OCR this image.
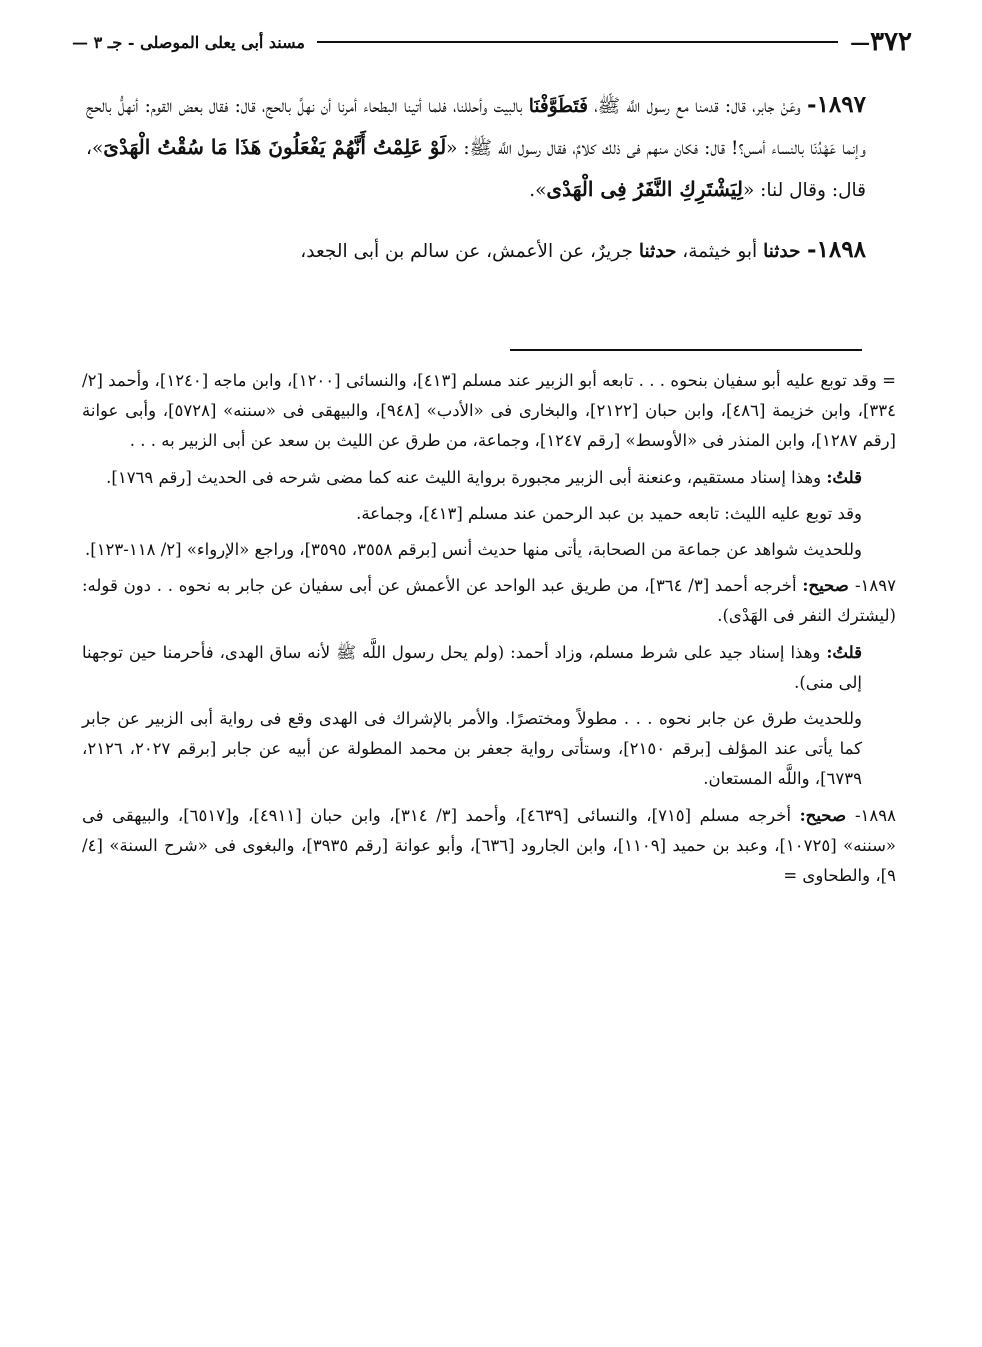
٣٧٢
—
مسند أبى يعلى الموصلى - جـ ٣ —

١٨٩٧- وعَنْ جابر، قال: قدمنا مع رسول اللَّه ﷺ، فَتَطَوَّفْنَا بالبيت وأحللنا، فلما أتينا البطحاء أمرنا أن نهلَّ بالحج، قال: فقال بعض القوم: أنهلُّ بالحج وإنما عَهْدُنَا بالنساء أمس؟! قال: فكان منهم فى ذلك كلامٌ، فقال رسول اللَّه ﷺ: «لَوْ عَلِمْتُ أَنَّهُمْ يَفْعَلُونَ هَذَا مَا سُقْتُ الْهَدْىَ»، قال: وقال لنا: «لِيَشْتَرِكِ النَّفَرُ فِى الْهَدْى».

١٨٩٨- حدثنا أبو خيثمة، حدثنا جريرٌ، عن الأعمش، عن سالم بن أبى الجعد،

= وقد توبع عليه أبو سفيان بنحوه . . . تابعه أبو الزبير عند مسلم [٤١٣]، والنسائى [١٢٠٠]، وابن ماجه [١٢٤٠]، وأحمد [٢/ ٣٣٤]، وابن خزيمة [٤٨٦]، وابن حبان [٢١٢٢]، والبخارى فى «الأدب» [٩٤٨]، والبيهقى فى «سننه» [٥٧٢٨]، وأبى عوانة [رقم ١٢٨٧]، وابن المنذر فى «الأوسط» [رقم ١٢٤٧]، وجماعة، من طرق عن الليث بن سعد عن أبى الزبير به . . .

قلتُ: وهذا إسناد مستقيم، وعنعنة أبى الزبير مجبورة برواية الليث عنه كما مضى شرحه فى الحديث [رقم ١٧٦٩].

وقد توبع عليه الليث: تابعه حميد بن عبد الرحمن عند مسلم [٤١٣]، وجماعة.

وللحديث شواهد عن جماعة من الصحابة، يأتى منها حديث أنس [برقم ٣٥٥٨، ٣٥٩٥]، وراجع «الإرواء» [٢/ ١١٨-١٢٣].

١٨٩٧- صحيح: أخرجه أحمد [٣/ ٣٦٤]، من طريق عبد الواحد عن الأعمش عن أبى سفيان عن جابر به نحوه . . دون قوله: (ليشترك النفر فى الهَدْى).

قلتُ: وهذا إسناد جيد على شرط مسلم، وزاد أحمد: (ولم يحل رسول اللَّه ﷺ لأنه ساق الهدى، فأحرمنا حين توجهنا إلى منى).

وللحديث طرق عن جابر نحوه . . . مطولاً ومختصرًا. والأمر بالإشراك فى الهدى وقع فى رواية أبى الزبير عن جابر كما يأتى عند المؤلف [برقم ٢١٥٠]، وستأتى رواية جعفر بن محمد المطولة عن أبيه عن جابر [برقم ٢٠٢٧، ٢١٢٦، ٦٧٣٩]، واللَّه المستعان.

١٨٩٨- صحيح: أخرجه مسلم [٧١٥]، والنسائى [٤٦٣٩]، وأحمد [٣/ ٣١٤]، وابن حبان [٤٩١١]، و[٦٥١٧]، والبيهقى فى «سننه» [١٠٧٢٥]، وعبد بن حميد [١١٠٩]، وابن الجارود [٦٣٦]، وأبو عوانة [رقم ٣٩٣٥]، والبغوى فى «شرح السنة» [٤/ ٩]، والطحاوى =
